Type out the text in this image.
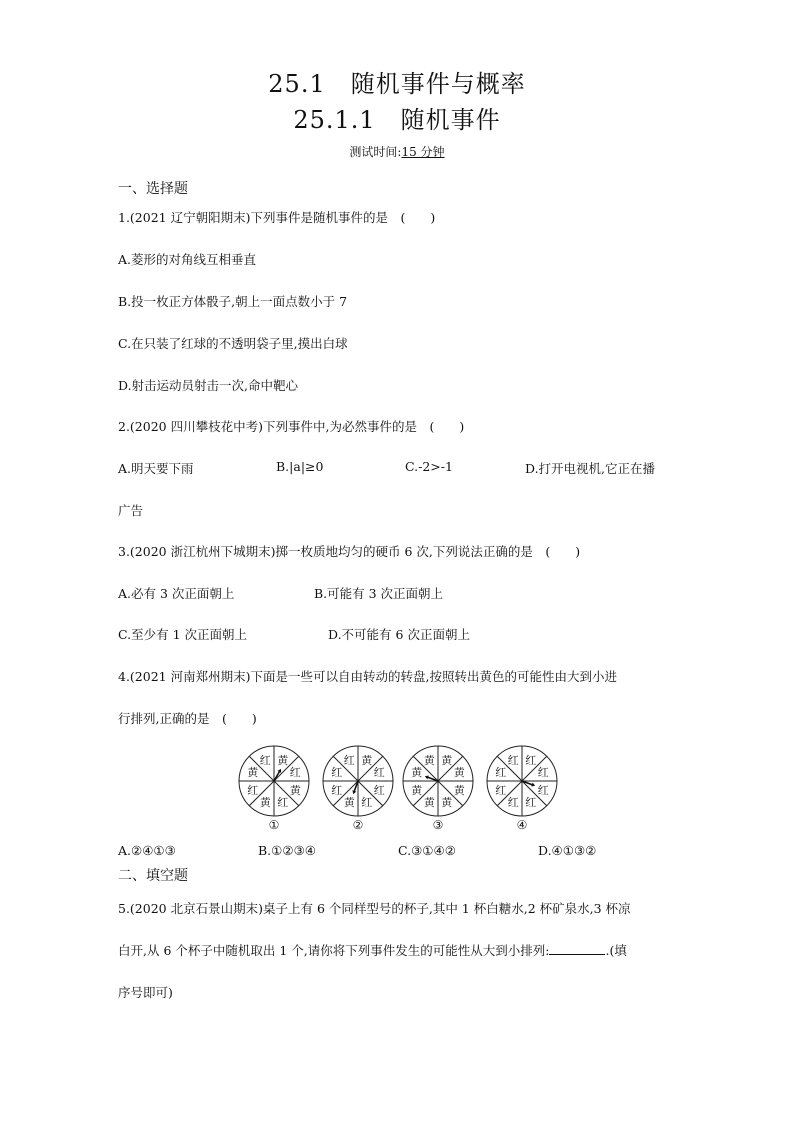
25.1　随机事件与概率
25.1.1　随机事件
测试时间:15 分钟
一、选择题
1.(2021 辽宁朝阳期末)下列事件是随机事件的是　(　　)
A.菱形的对角线互相垂直
B.投一枚正方体骰子,朝上一面点数小于 7
C.在只装了红球的不透明袋子里,摸出白球
D.射击运动员射击一次,命中靶心
2.(2020 四川攀枝花中考)下列事件中,为必然事件的是　(　　)
A.明天要下雨	B.|a|≥0	C.-2>-1	D.打开电视机,它正在播
广告
3.(2020 浙江杭州下城期末)掷一枚质地均匀的硬币 6 次,下列说法正确的是　(　　)
A.必有 3 次正面朝上	B.可能有 3 次正面朝上
C.至少有 1 次正面朝上	D.不可能有 6 次正面朝上
4.(2021 河南郑州期末)下面是一些可以自由转动的转盘,按照转出黄色的可能性由大到小进
行排列,正确的是　(　　)
黄
红
黄
红
黄
红
黄
红	黄
红
红
红
黄
红
红
红	黄
黄
黄
黄
黄
黄
黄
黄	红
红
红
红
红
红
红
红
①	②	③	④
A.②④①③	B.①②③④	C.③①④②	D.④①③②
二、填空题
5.(2020 北京石景山期末)桌子上有 6 个同样型号的杯子,其中 1 杯白糖水,2 杯矿泉水,3 杯凉
白开,从 6 个杯子中随机取出 1 个,请你将下列事件发生的可能性从大到小排列:	.(填
序号即可)
